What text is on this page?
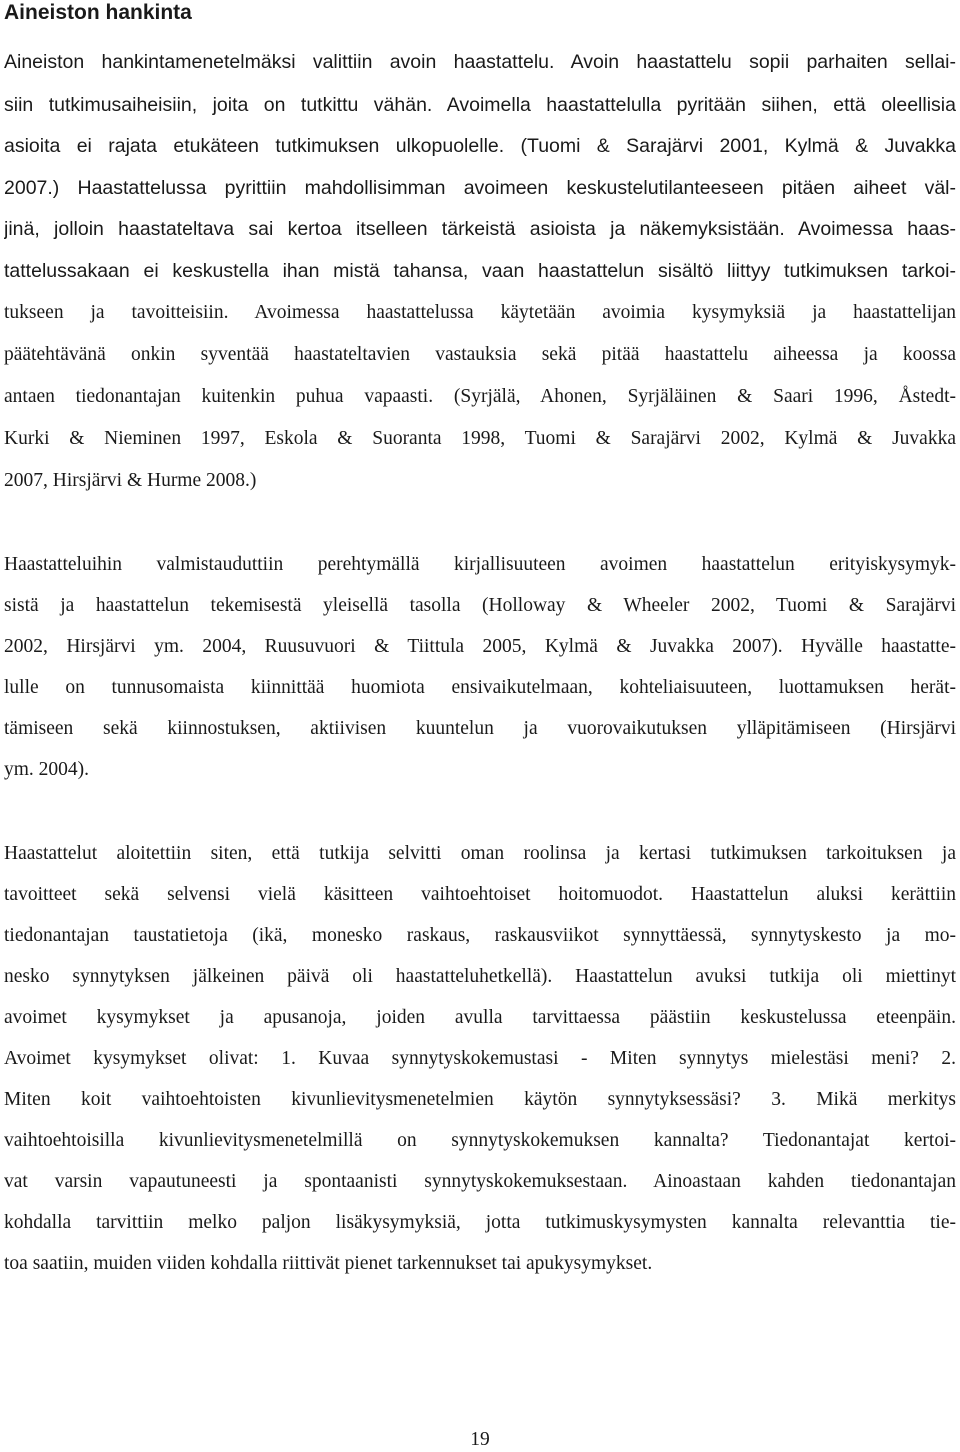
Aineiston hankinta

Aineiston hankintamenetelmäksi valittiin avoin haastattelu. Avoin haastattelu sopii parhaiten sellai-

siin tutkimusaiheisiin, joita on tutkittu vähän. Avoimella haastattelulla pyritään siihen, että oleellisia

asioita ei rajata etukäteen tutkimuksen ulkopuolelle. (Tuomi & Sarajärvi 2001, Kylmä & Juvakka

2007.) Haastattelussa pyrittiin mahdollisimman avoimeen keskustelutilanteeseen pitäen aiheet väl-

jinä, jolloin haastateltava sai kertoa itselleen tärkeistä asioista ja näkemyksistään. Avoimessa haas-

tattelussakaan ei keskustella ihan mistä tahansa, vaan haastattelun sisältö liittyy tutkimuksen tarkoi-

tukseen ja tavoitteisiin. Avoimessa haastattelussa käytetään avoimia kysymyksiä ja haastattelijan

päätehtävänä onkin syventää haastateltavien vastauksia sekä pitää haastattelu aiheessa ja koossa

antaen tiedonantajan kuitenkin puhua vapaasti. (Syrjälä, Ahonen, Syrjäläinen & Saari 1996, Åstedt-

Kurki & Nieminen 1997, Eskola & Suoranta 1998, Tuomi & Sarajärvi 2002, Kylmä & Juvakka

2007, Hirsjärvi & Hurme 2008.)

Haastatteluihin valmistauduttiin perehtymällä kirjallisuuteen avoimen haastattelun erityiskysymyk-

sistä ja haastattelun tekemisestä yleisellä tasolla (Holloway & Wheeler 2002, Tuomi & Sarajärvi

2002, Hirsjärvi ym. 2004, Ruusuvuori & Tiittula 2005, Kylmä & Juvakka 2007). Hyvälle haastatte-

lulle on tunnusomaista kiinnittää huomiota ensivaikutelmaan, kohteliaisuuteen, luottamuksen herät-

tämiseen sekä kiinnostuksen, aktiivisen kuuntelun ja vuorovaikutuksen ylläpitämiseen (Hirsjärvi

ym. 2004).

Haastattelut aloitettiin siten, että tutkija selvitti oman roolinsa ja kertasi tutkimuksen tarkoituksen ja

tavoitteet sekä selvensi vielä käsitteen vaihtoehtoiset hoitomuodot. Haastattelun aluksi kerättiin

tiedonantajan taustatietoja (ikä, monesko raskaus, raskausviikot synnyttäessä, synnytyskesto ja mo-

nesko synnytyksen jälkeinen päivä oli haastatteluhetkellä). Haastattelun avuksi tutkija oli miettinyt

avoimet kysymykset ja apusanoja, joiden avulla tarvittaessa päästiin keskustelussa eteenpäin.

Avoimet kysymykset olivat: 1. Kuvaa synnytyskokemustasi - Miten synnytys mielestäsi meni? 2.

Miten koit vaihtoehtoisten kivunlievitysmenetelmien käytön synnytyksessäsi? 3. Mikä merkitys

vaihtoehtoisilla kivunlievitysmenetelmillä on synnytyskokemuksen kannalta? Tiedonantajat kertoi-

vat varsin vapautuneesti ja spontaanisti synnytyskokemuksestaan. Ainoastaan kahden tiedonantajan

kohdalla tarvittiin melko paljon lisäkysymyksiä, jotta tutkimuskysymysten kannalta relevanttia tie-

toa saatiin, muiden viiden kohdalla riittivät pienet tarkennukset tai apukysymykset.

19
